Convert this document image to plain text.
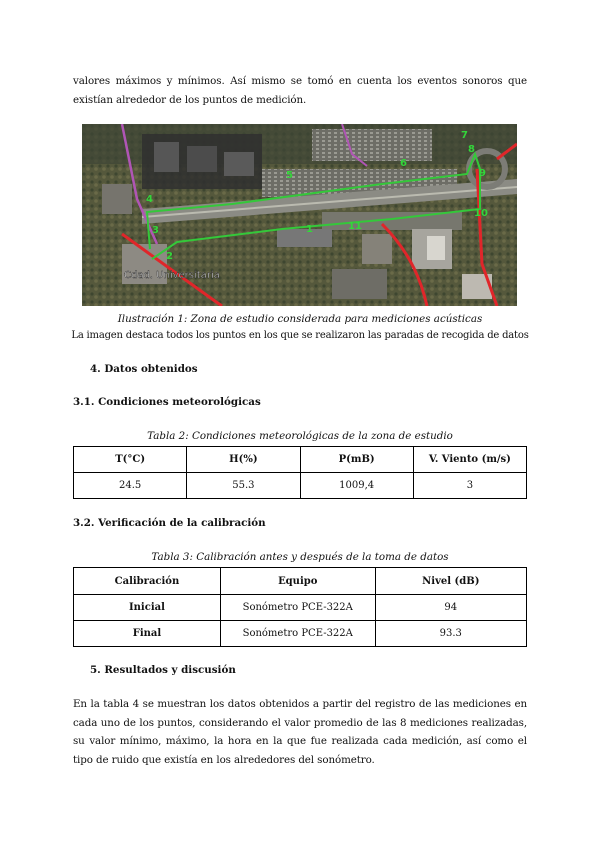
valores máximos y mínimos. Así mismo se tomó en cuenta los eventos sonoros que existían alrededor de los puntos de medición.
1
2
3
4
5
6
7
8
9
10
11
Cdad. Universitaria
Ilustración 1: Zona de estudio considerada para mediciones acústicas
La imagen destaca todos los puntos en los que se realizaron las paradas de recogida de datos
4. Datos obtenidos
3.1. Condiciones meteorológicas
Tabla 2: Condiciones meteorológicas de la zona de estudio
T(°C)	H(%)	P(mB)	V. Viento (m/s)
24.5	55.3	1009,4	3
3.2. Verificación de la calibración
Tabla 3: Calibración antes y después de la toma de datos
Calibración	Equipo	Nivel (dB)
Inicial	Sonómetro PCE-322A	94
Final	Sonómetro PCE-322A	93.3
5. Resultados y discusión
En la tabla 4 se muestran los datos obtenidos a partir del registro de las mediciones en cada uno de los puntos, considerando el valor promedio de las 8 mediciones realizadas, su valor mínimo, máximo, la hora en la que fue realizada cada medición, así como el tipo de ruido que existía en los alrededores del sonómetro.
